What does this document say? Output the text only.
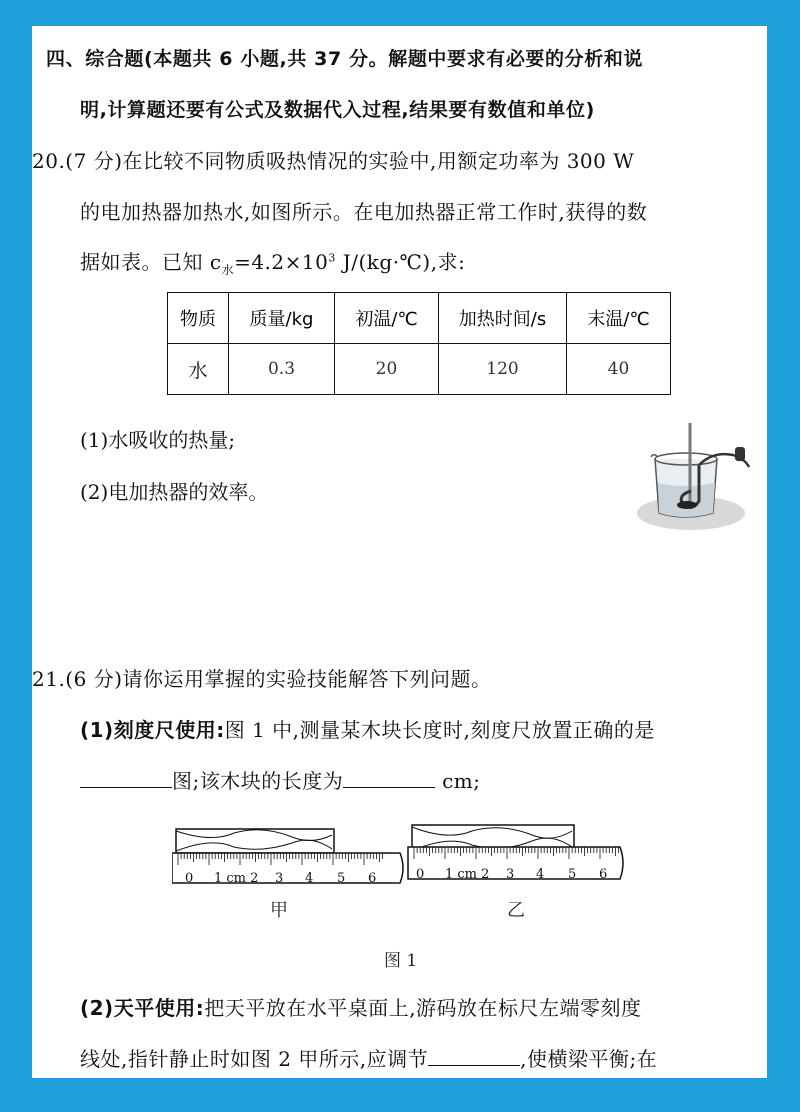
四、综合题(本题共 6 小题,共 37 分。解题中要求有必要的分析和说
明,计算题还要有公式及数据代入过程,结果要有数值和单位)
20.(7 分)在比较不同物质吸热情况的实验中,用额定功率为 300 W
的电加热器加热水,如图所示。在电加热器正常工作时,获得的数
据如表。已知 $c_水=4.2\times 10^3$ J/(kg·℃),求:
物质	质量/kg	初温/℃	加热时间/s	末温/℃
水	0.3	20	120	40
(1)水吸收的热量;
(2)电加热器的效率。
21.(6 分)请你运用掌握的实验技能解答下列问题。
(1)刻度尺使用:图 1 中,测量某木块长度时,刻度尺放置正确的是
图;该木块的长度为	cm;
0 1 cm 2 3 4 5 6	0 1 cm 2 3 4 5 6
甲	乙
图 1
(2)天平使用:把天平放在水平桌面上,游码放在标尺左端零刻度
线处,指针静止时如图 2 甲所示,应调节	,使横梁平衡;在
